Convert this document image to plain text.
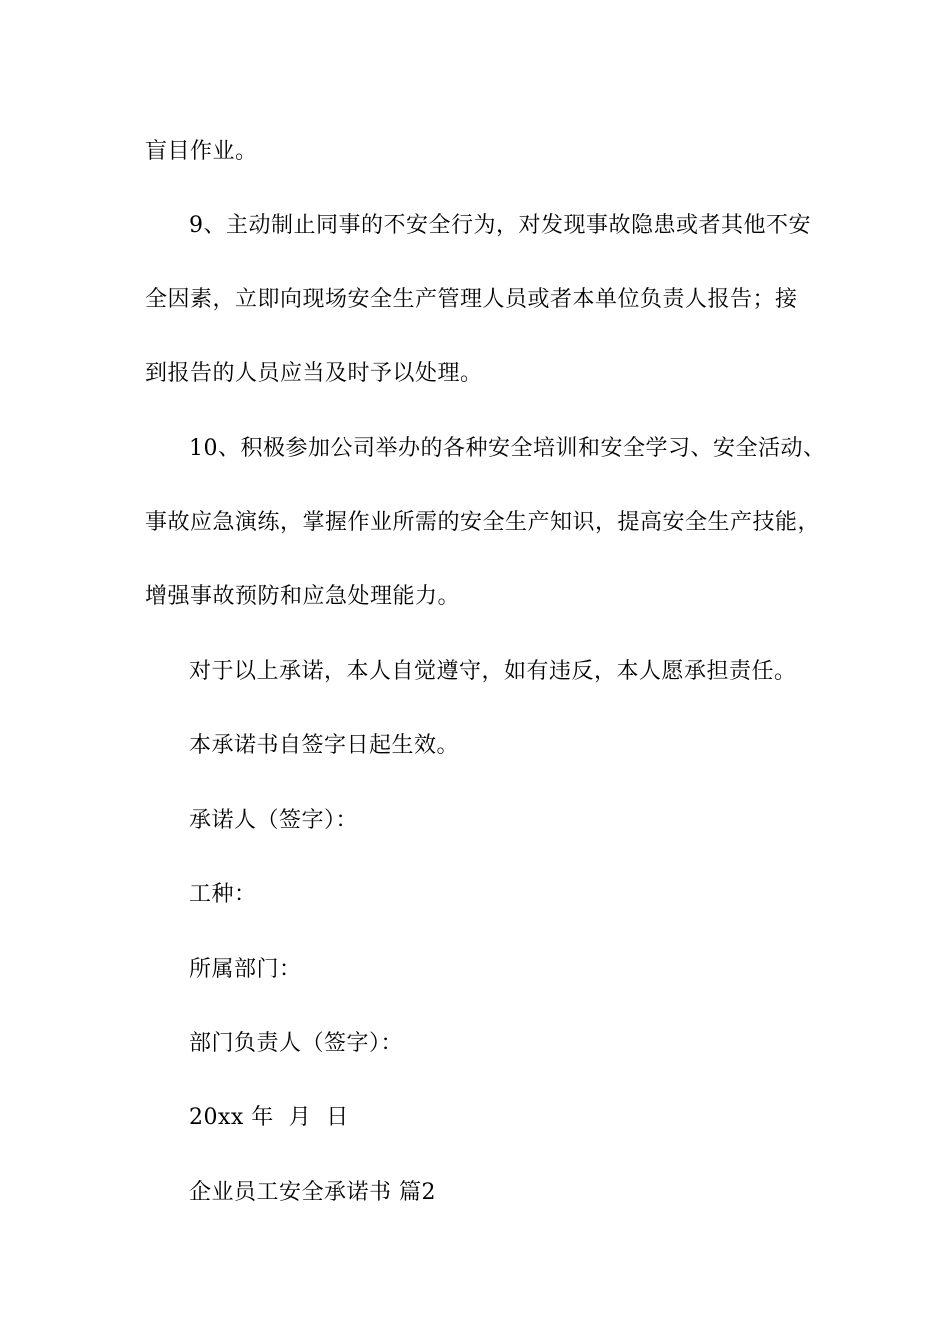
盲目作业。
9、主动制止同事的不安全行为，对发现事故隐患或者其他不安
全因素，立即向现场安全生产管理人员或者本单位负责人报告；接
到报告的人员应当及时予以处理。
10、积极参加公司举办的各种安全培训和安全学习、安全活动、
事故应急演练，掌握作业所需的安全生产知识，提高安全生产技能，
增强事故预防和应急处理能力。
对于以上承诺，本人自觉遵守，如有违反，本人愿承担责任。
本承诺书自签字日起生效。
承诺人（签字）：
工种：
所属部门：
部门负责人（签字）：
20xx 年  月  日
企业员工安全承诺书 篇2
